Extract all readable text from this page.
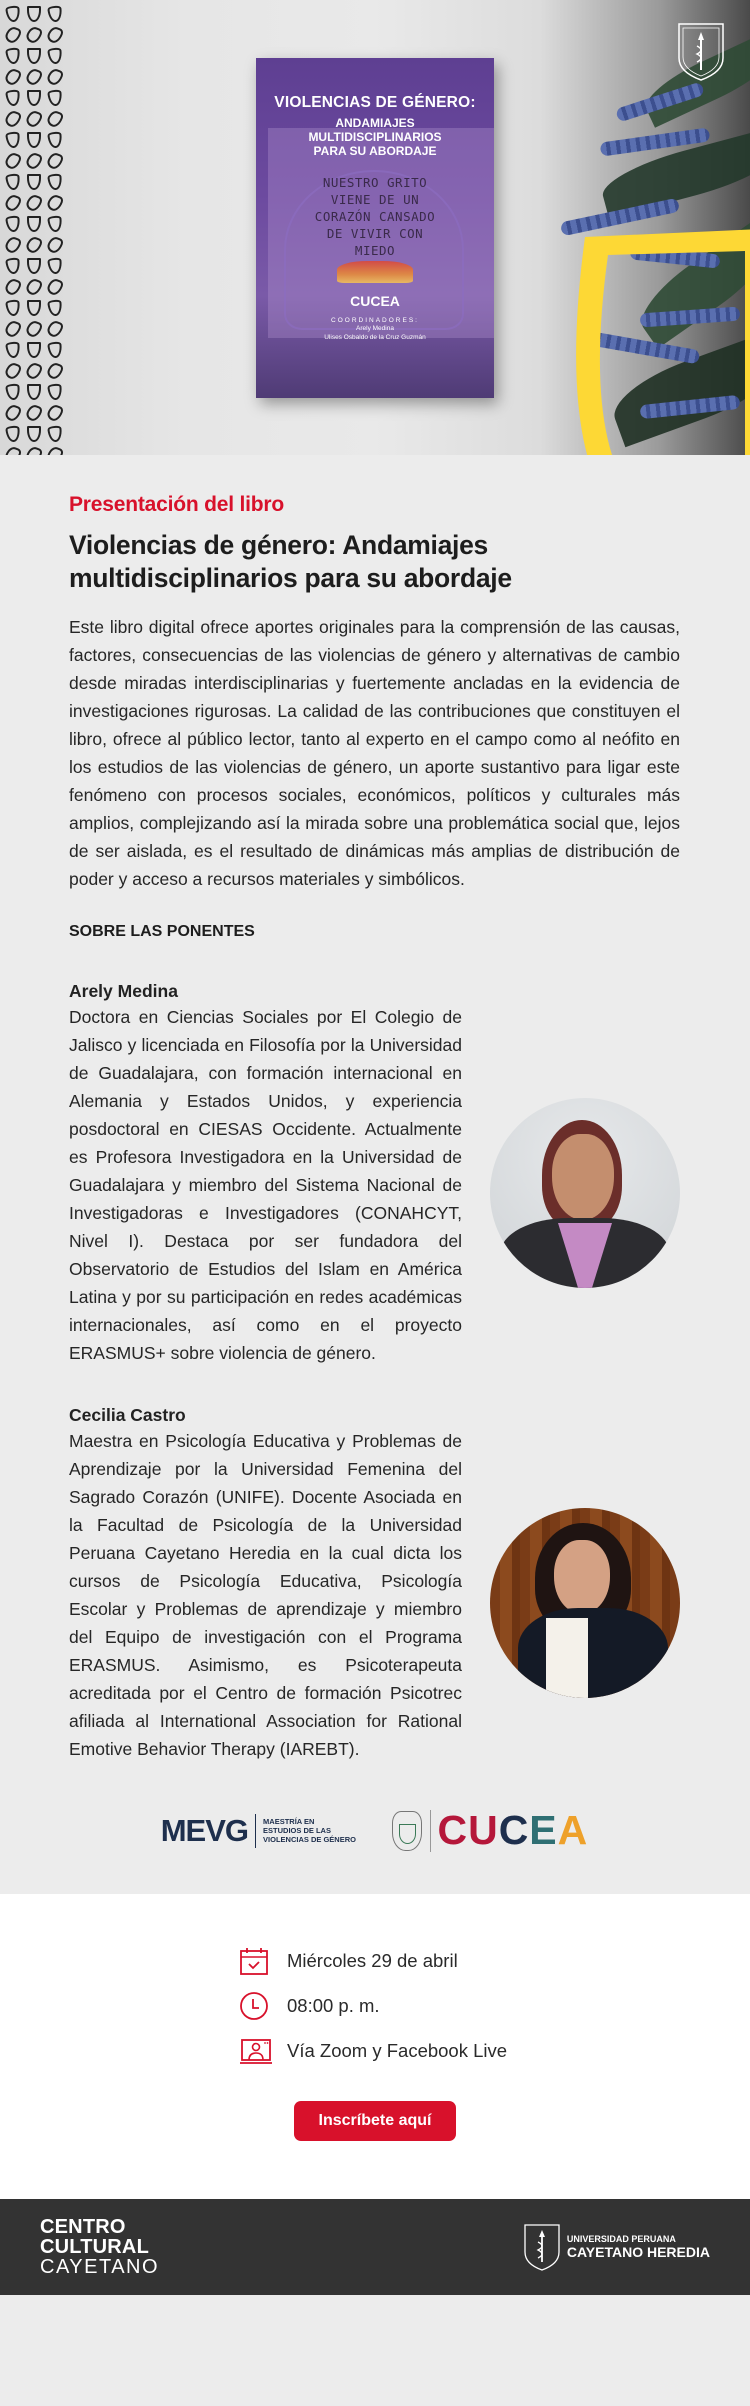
VIOLENCIAS DE GÉNERO:
ANDAMIAJES
MULTIDISCIPLINARIOS
PARA SU ABORDAJE
NUESTRO GRITO
VIENE DE UN
CORAZÓN CANSADO
DE VIVIR CON
MIEDO
CUCEA
COORDINADORES:
Arely Medina
Ulises Osbaldo de la Cruz Guzmán
Presentación del libro
Violencias de género: Andamiajes multidisciplinarios para su abordaje

Este libro digital ofrece aportes originales para la comprensión de las causas, factores, consecuencias de las violencias de género y alternativas de cambio desde miradas interdisciplinarias y fuertemente ancladas en la evidencia de investigaciones rigurosas. La calidad de las contribuciones que constituyen el libro, ofrece al público lector, tanto al experto en el campo como al neófito en los estudios de las violencias de género, un aporte sustantivo para ligar este fenómeno con procesos sociales, económicos, políticos y culturales más amplios, complejizando así la mirada sobre una problemática social que, lejos de ser aislada, es el resultado de dinámicas más amplias de distribución de poder y acceso a recursos materiales y simbólicos.

SOBRE LAS PONENTES
Arely Medina
Doctora en Ciencias Sociales por El Colegio de Jalisco y licenciada en Filosofía por la Universidad de Guadalajara, con formación internacional en Alemania y Estados Unidos, y experiencia posdoctoral en CIESAS Occidente. Actualmente es Profesora Investigadora en la Universidad de Guadalajara y miembro del Sistema Nacional de Investigadoras e Investigadores (CONAHCYT, Nivel I). Destaca por ser fundadora del Observatorio de Estudios del Islam en América Latina y por su participación en redes académicas internacionales, así como en el proyecto ERASMUS+ sobre violencia de género.
Cecilia Castro
Maestra en Psicología Educativa y Problemas de Aprendizaje por la Universidad Femenina del Sagrado Corazón (UNIFE). Docente Asociada en la Facultad de Psicología de la Universidad Peruana Cayetano Heredia en la cual dicta los cursos de Psicología Educativa, Psicología Escolar y Problemas de aprendizaje y miembro del Equipo de investigación con el Programa ERASMUS. Asimismo, es Psicoterapeuta acreditada por el Centro de formación Psicotrec afiliada al International Association for Rational Emotive Behavior Therapy (IAREBT).
MEVG MAESTRÍA EN
ESTUDIOS DE LAS
VIOLENCIAS DE GÉNERO CUCEA
Miércoles 29 de abril
08:00 p. m.
Vía Zoom y Facebook Live
Inscríbete aquí
CENTRO
CULTURAL
CAYETANO
UNIVERSIDAD PERUANA
CAYETANO HEREDIA
